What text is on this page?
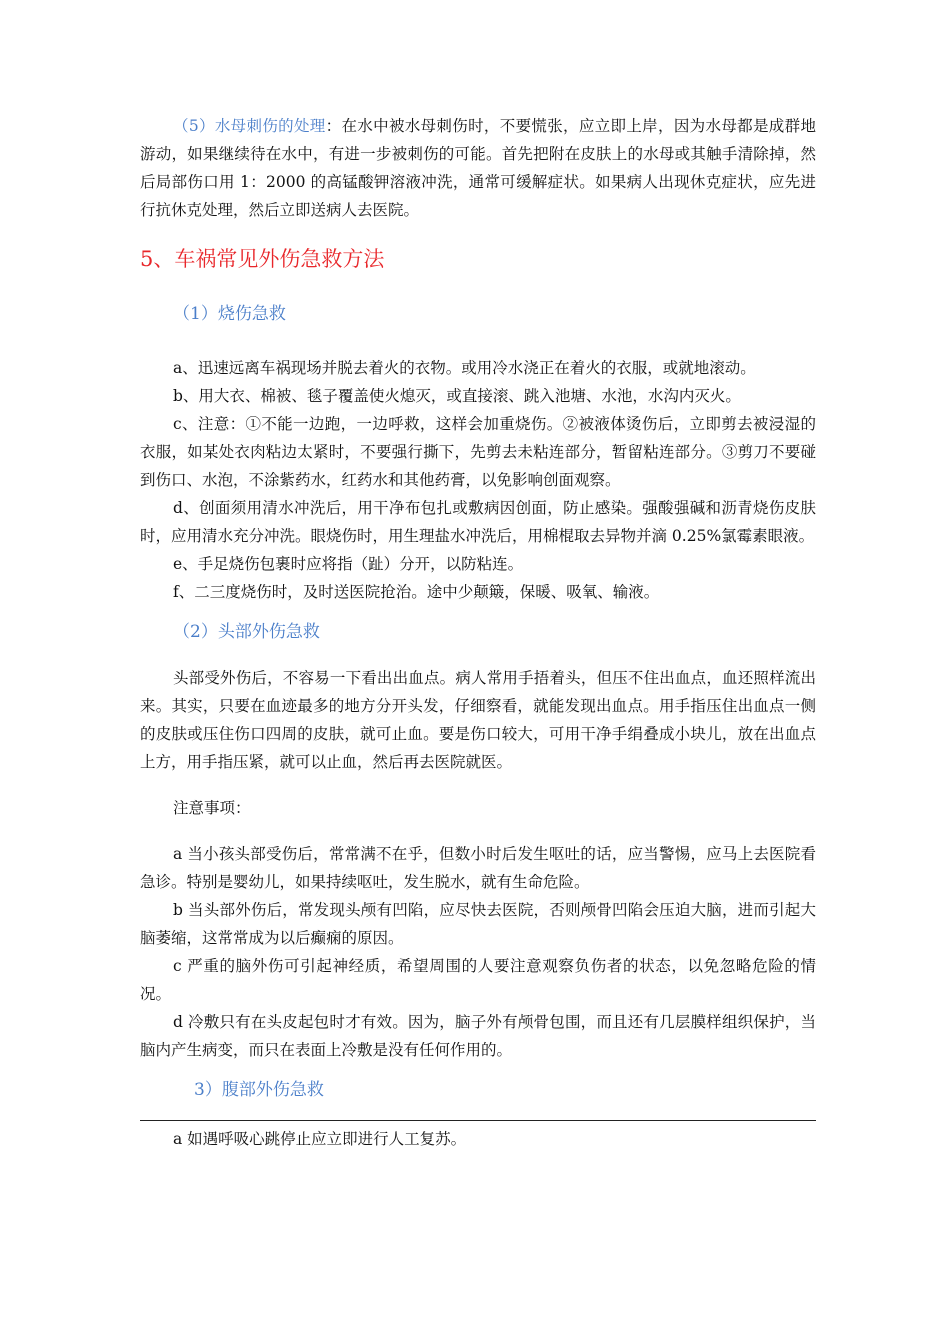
（5）水母刺伤的处理：在水中被水母刺伤时，不要慌张，应立即上岸，因为水母都是成群地游动，如果继续待在水中，有进一步被刺伤的可能。首先把附在皮肤上的水母或其触手清除掉，然后局部伤口用 1：2000 的高锰酸钾溶液冲洗，通常可缓解症状。如果病人出现休克症状，应先进行抗休克处理，然后立即送病人去医院。

5、车祸常见外伤急救方法
（1）烧伤急救

a、迅速远离车祸现场并脱去着火的衣物。或用冷水浇正在着火的衣服，或就地滚动。

b、用大衣、棉被、毯子覆盖使火熄灭，或直接滚、跳入池塘、水池，水沟内灭火。

c、注意：①不能一边跑，一边呼救，这样会加重烧伤。②被液体烫伤后，立即剪去被浸湿的衣服，如某处衣肉粘边太紧时，不要强行撕下，先剪去未粘连部分，暂留粘连部分。③剪刀不要碰到伤口、水泡，不涂紫药水，红药水和其他药膏，以免影响创面观察。

d、创面须用清水冲洗后，用干净布包扎或敷病因创面，防止感染。强酸强碱和沥青烧伤皮肤时，应用清水充分冲洗。眼烧伤时，用生理盐水冲洗后，用棉棍取去异物并滴 0.25%氯霉素眼液。

e、手足烧伤包裹时应将指（趾）分开，以防粘连。

f、二三度烧伤时，及时送医院抢治。途中少颠簸，保暖、吸氧、输液。

（2）头部外伤急救

头部受外伤后，不容易一下看出出血点。病人常用手捂着头，但压不住出血点，血还照样流出来。其实，只要在血迹最多的地方分开头发，仔细察看，就能发现出血点。用手指压住出血点一侧的皮肤或压住伤口四周的皮肤，就可止血。要是伤口较大，可用干净手绢叠成小块儿，放在出血点上方，用手指压紧，就可以止血，然后再去医院就医。

注意事项：

a 当小孩头部受伤后，常常满不在乎，但数小时后发生呕吐的话，应当警惕，应马上去医院看急诊。特别是婴幼儿，如果持续呕吐，发生脱水，就有生命危险。

b 当头部外伤后，常发现头颅有凹陷，应尽快去医院，否则颅骨凹陷会压迫大脑，进而引起大脑萎缩，这常常成为以后癫痫的原因。

c 严重的脑外伤可引起神经质，希望周围的人要注意观察负伤者的状态，以免忽略危险的情况。

d 冷敷只有在头皮起包时才有效。因为，脑子外有颅骨包围，而且还有几层膜样组织保护，当脑内产生病变，而只在表面上冷敷是没有任何作用的。

3）腹部外伤急救

a 如遇呼吸心跳停止应立即进行人工复苏。
